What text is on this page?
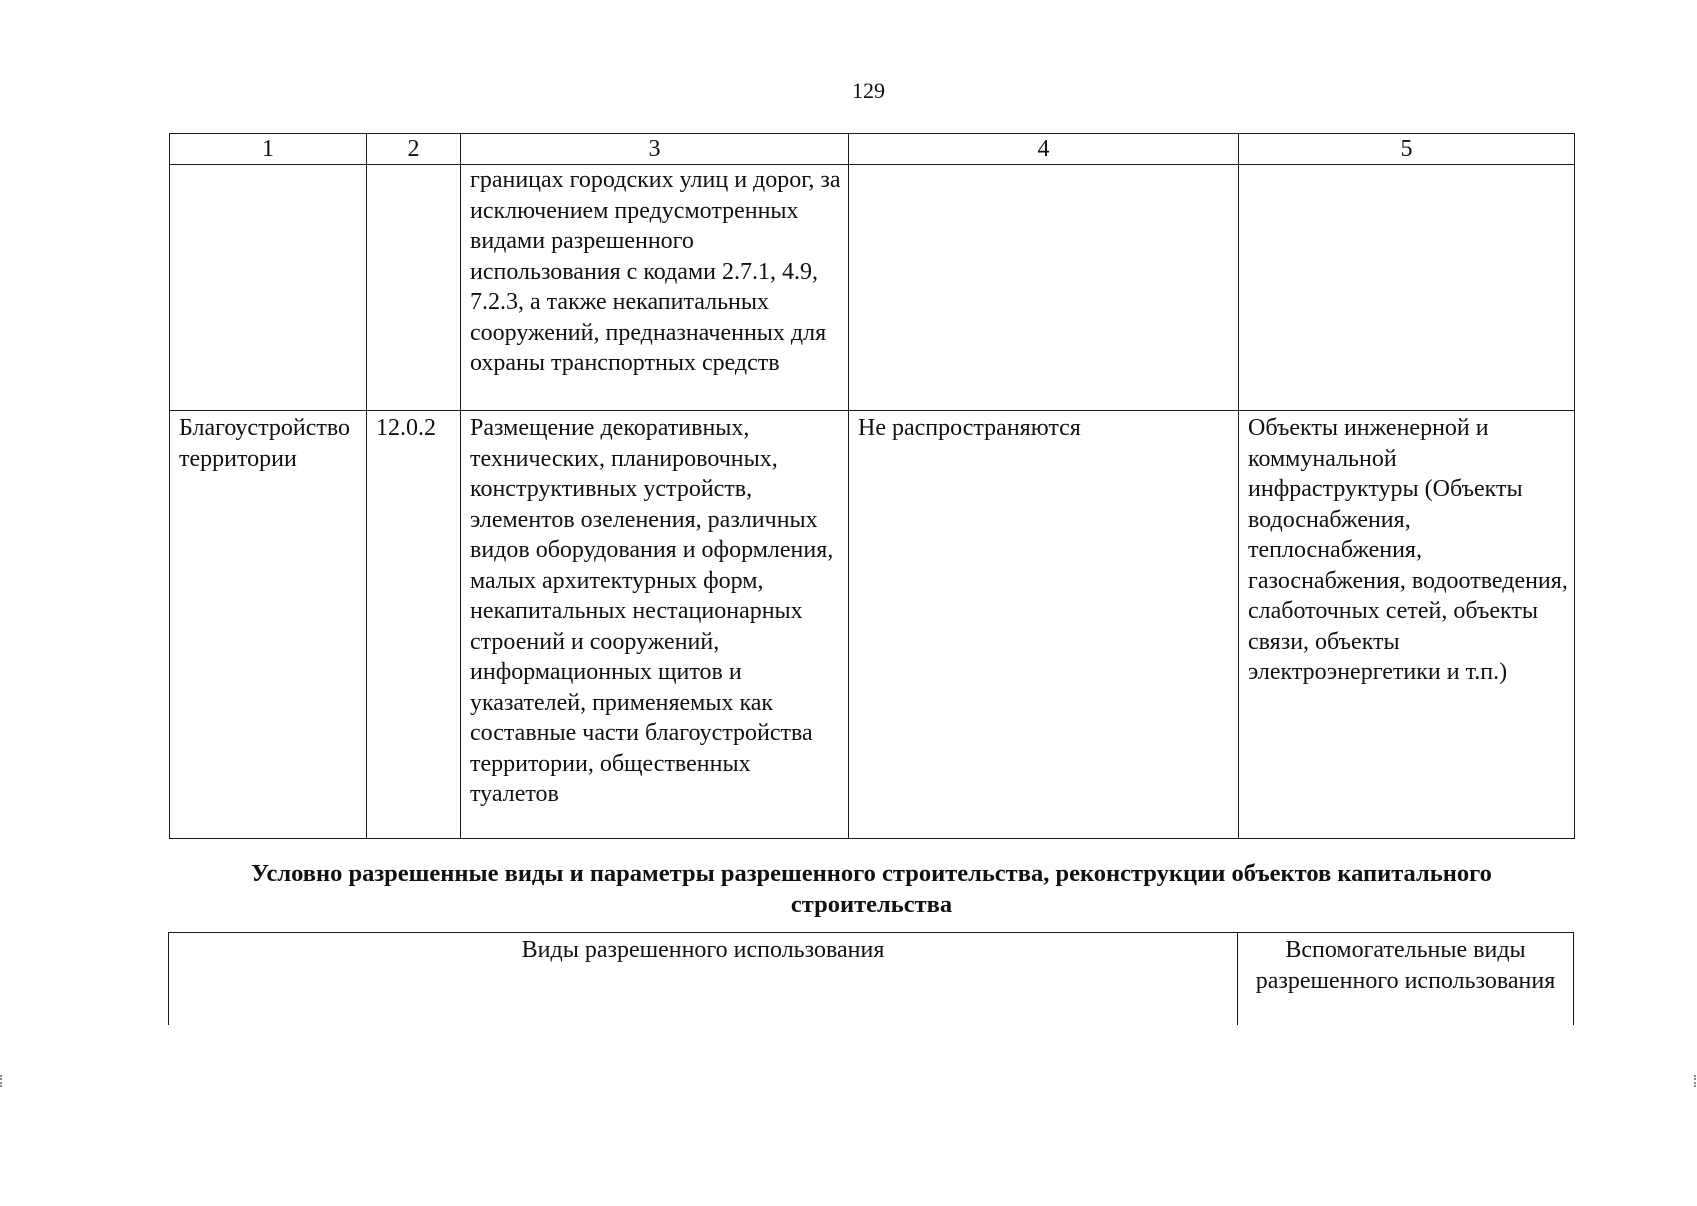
129
1	2	3	4	5
		границах городских улиц и дорог, за исключением предусмотренных видами разрешенного использования с кодами 2.7.1, 4.9, 7.2.3, а также некапитальных сооружений, предназначенных для охраны транспортных средств		
Благоустройство территории	12.0.2	Размещение декоративных, технических, планировочных, конструктивных устройств, элементов озеленения, различных видов оборудования и оформления, малых архитектурных форм, некапитальных нестационарных строений и сооружений, информационных щитов и указателей, применяемых как составные части благоустройства территории, общественных туалетов	Не распространяются	Объекты инженерной и коммунальной инфраструктуры (Объекты водоснабжения, теплоснабжения, газоснабжения, водоотведения, слаботочных сетей, объекты связи, объекты электроэнергетики и т.п.)
Условно разрешенные виды и параметры разрешенного строительства, реконструкции объектов капитального строительства
Виды разрешенного использования	Вспомогательные виды разрешенного использования
